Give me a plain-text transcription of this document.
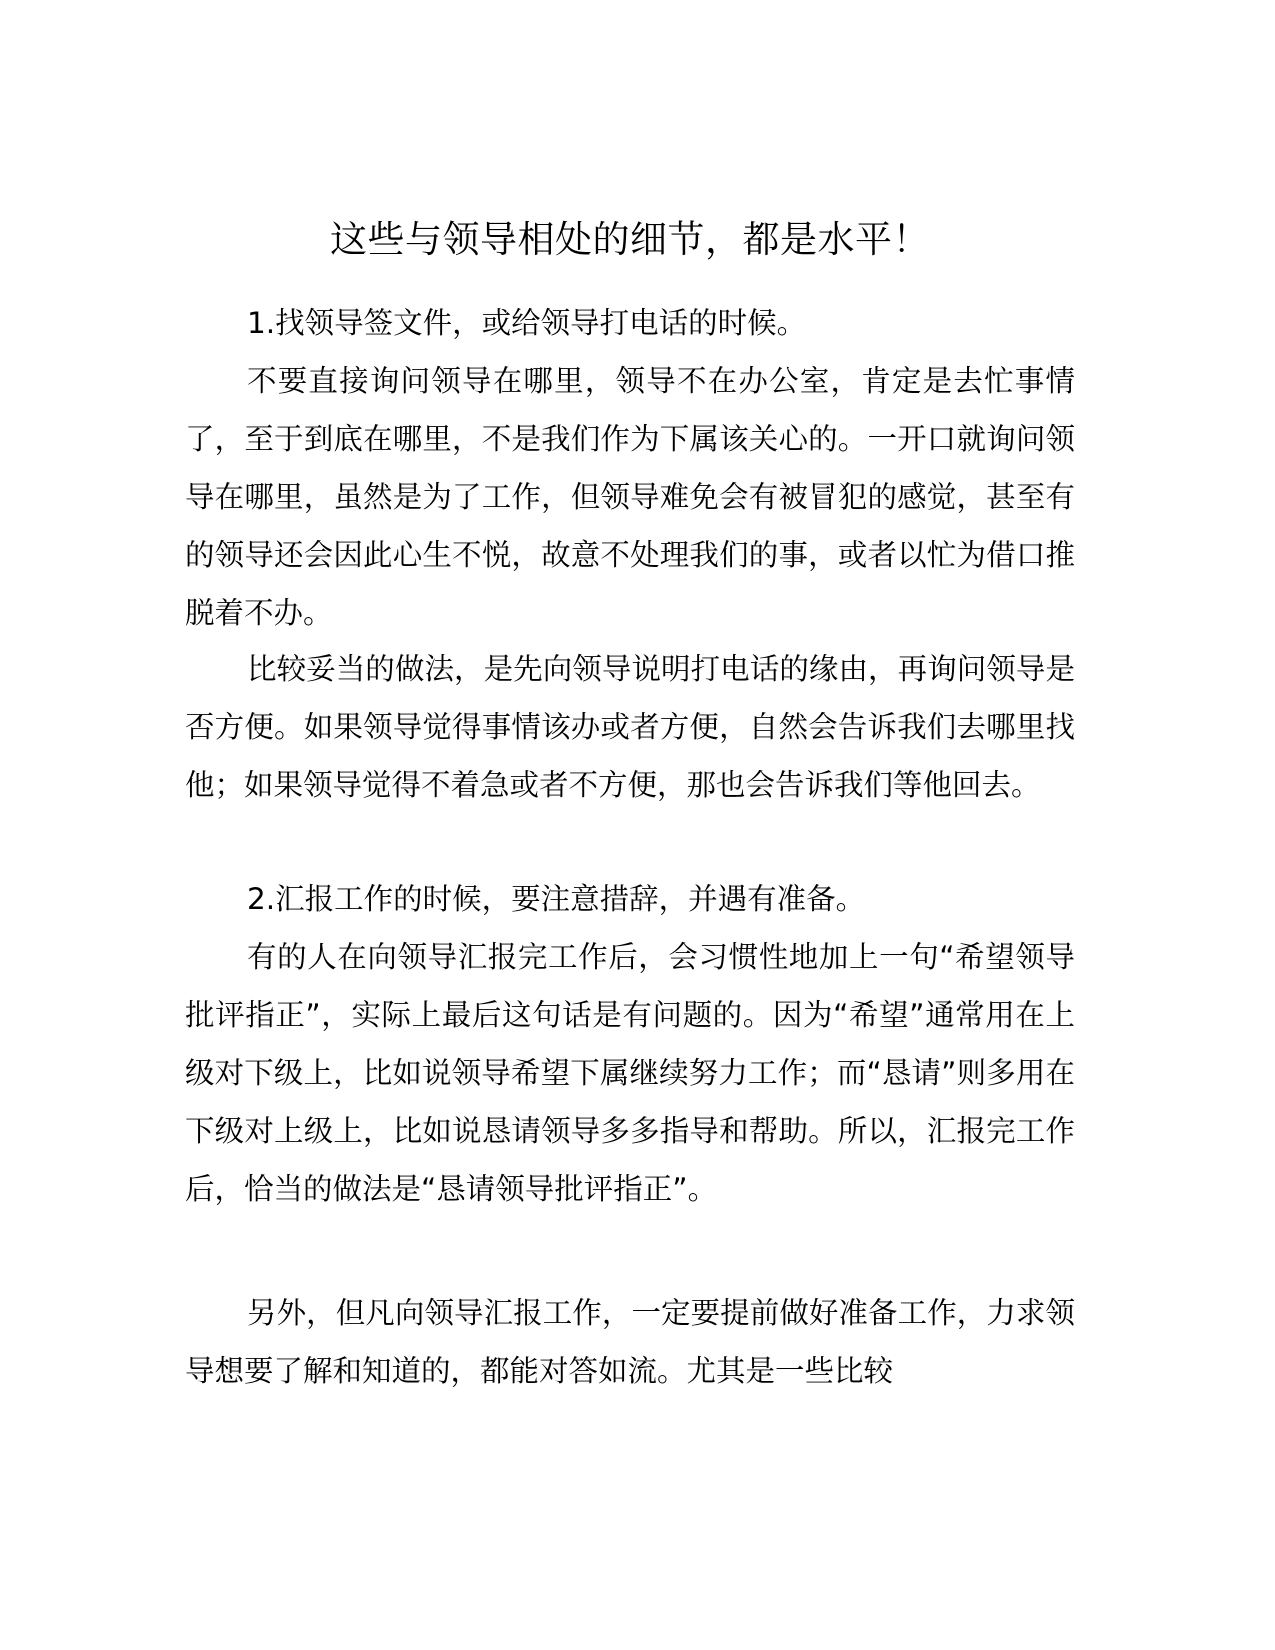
这些与领导相处的细节，都是水平！

1.找领导签文件，或给领导打电话的时候。

不要直接询问领导在哪里，领导不在办公室，肯定是去忙事情了，至于到底在哪里，不是我们作为下属该关心的。一开口就询问领导在哪里，虽然是为了工作，但领导难免会有被冒犯的感觉，甚至有的领导还会因此心生不悦，故意不处理我们的事，或者以忙为借口推脱着不办。

比较妥当的做法，是先向领导说明打电话的缘由，再询问领导是否方便。如果领导觉得事情该办或者方便，自然会告诉我们去哪里找他；如果领导觉得不着急或者不方便，那也会告诉我们等他回去。

2.汇报工作的时候，要注意措辞，并遇有准备。

有的人在向领导汇报完工作后，会习惯性地加上一句“希望领导批评指正”，实际上最后这句话是有问题的。因为“希望”通常用在上级对下级上，比如说领导希望下属继续努力工作；而“恳请”则多用在下级对上级上，比如说恳请领导多多指导和帮助。所以，汇报完工作后，恰当的做法是“恳请领导批评指正”。

另外，但凡向领导汇报工作，一定要提前做好准备工作，力求领导想要了解和知道的，都能对答如流。尤其是一些比较
